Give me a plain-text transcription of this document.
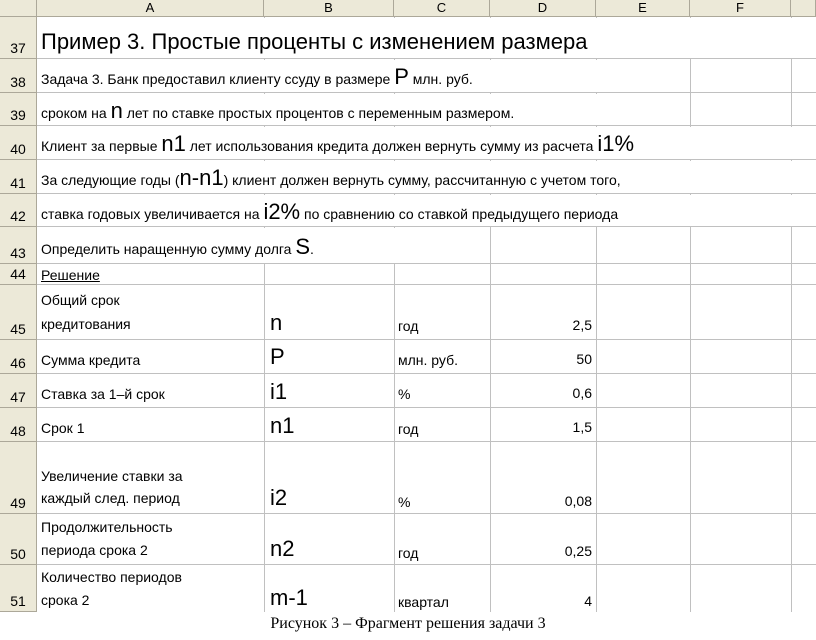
A	B	C	D	E	F
37
38
39
40
41
42
43
44
45
46
47
48
49
50
51
Пример 3. Простые проценты с изменением размера
Задача 3. Банк предоставил клиенту ссуду в размере P млн. руб.
сроком на n лет по ставке простых процентов с переменным размером.
Клиент за первые n1 лет использования кредита должен вернуть сумму из расчета i1%
За следующие годы (n-n1) клиент должен вернуть сумму, рассчитанную с учетом того,
ставка годовых увеличивается на i2% по сравнению со ставкой предыдущего периода
Определить наращенную сумму долга S.
Решение
Общий срок
кредитования	n	год	2,5
Сумма кредита	P	млн. руб.	50
Ставка за 1–й срок	i1	%	0,6
Срок 1	n1	год	1,5
Увеличение ставки за
каждый след. период	i2	%	0,08
Продолжительность
периода срока 2	n2	год	0,25
Количество периодов
срока 2	m-1	квартал	4
Рисунок 3 – Фрагмент решения задачи 3
